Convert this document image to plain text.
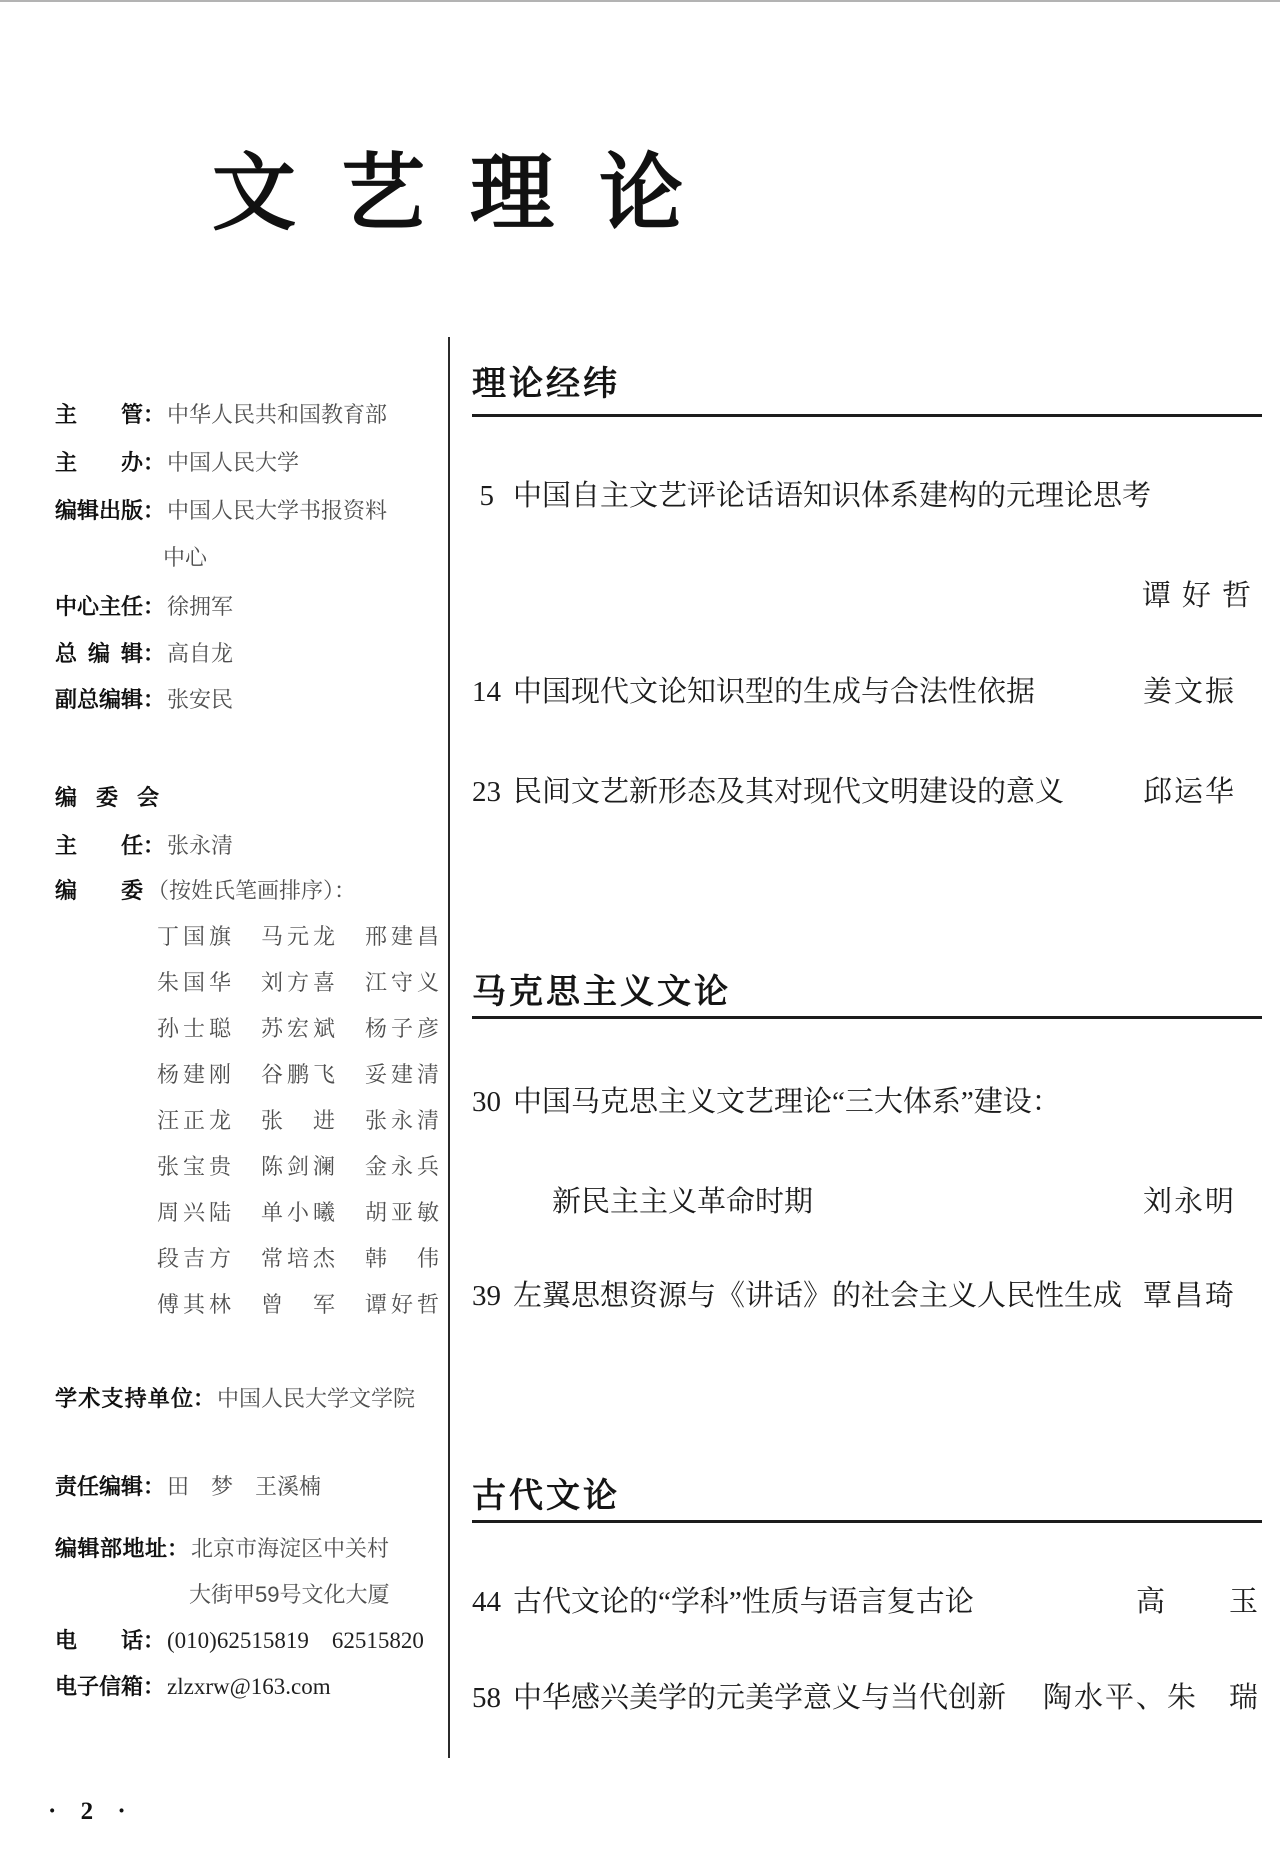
文艺理论
主管：中华人民共和国教育部
主办：中国人民大学
编辑出版：中国人民大学书报资料
中心
中心主任：徐拥军
总编辑：高自龙
副总编辑：张安民
编委会
主任：张永清
编委 （按姓氏笔画排序）：
丁国旗 马元龙 邢建昌
朱国华 刘方喜 江守义
孙士聪 苏宏斌 杨子彦
杨建刚 谷鹏飞 妥建清
汪正龙 张　进 张永清
张宝贵 陈剑澜 金永兵
周兴陆 单小曦 胡亚敏
段吉方 常培杰 韩　伟
傅其林 曾　军 谭好哲
学术支持单位：中国人民大学文学院
责任编辑：田　梦　王溪楠
编辑部地址：北京市海淀区中关村
大街甲59号文化大厦
电话：(010)62515819　62515820
电子信箱：zlzxrw@163.com
· 2 ·
理论经纬
5 中国自主文艺评论话语知识体系建构的元理论思考
谭好哲
14 中国现代文论知识型的生成与合法性依据	姜文振
23 民间文艺新形态及其对现代文明建设的意义	邱运华
马克思主义文论
30 中国马克思主义文艺理论“三大体系”建设：
新民主主义革命时期	刘永明
39 左翼思想资源与《讲话》的社会主义人民性生成 覃昌琦
古代文论
44 古代文论的“学科”性质与语言复古论	高　　玉
58 中华感兴美学的元美学意义与当代创新	陶水平、朱　瑞
